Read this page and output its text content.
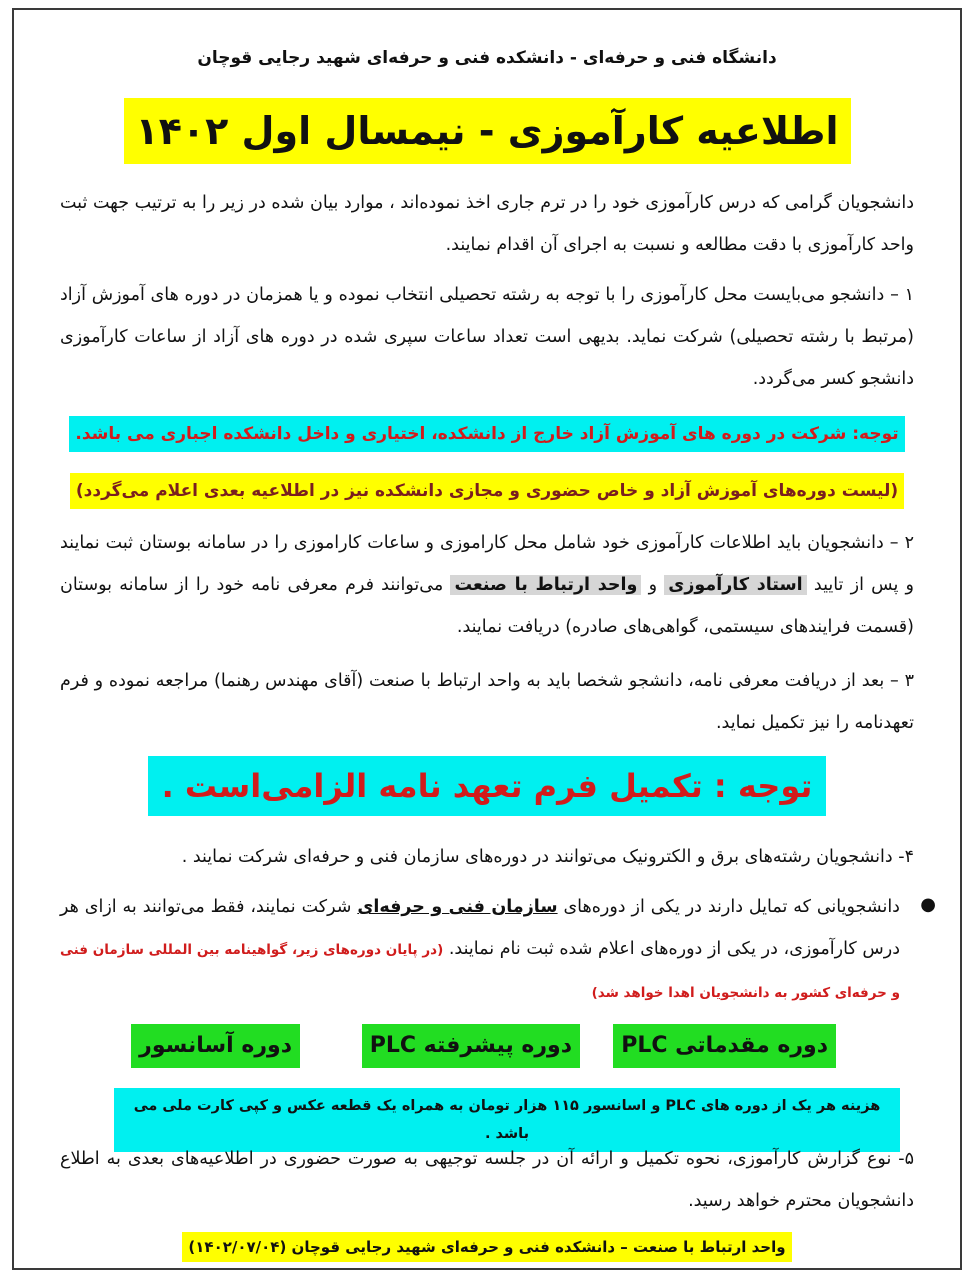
دانشگاه فنی و حرفه‌ای - دانشکده فنی و حرفه‌ای شهید رجایی قوچان
اطلاعیه کارآموزی - نیمسال اول ۱۴۰۲
دانشجویان گرامی که درس کارآموزی خود را در ترم جاری اخذ نموده‌اند ، موارد بیان شده در زیر را به ترتیب جهت ثبت واحد کارآموزی با دقت مطالعه و نسبت به اجرای آن اقدام نمایند.
۱ – دانشجو می‌بایست محل کارآموزی را با توجه به رشته تحصیلی انتخاب نموده و یا همزمان در دوره های آموزش آزاد (مرتبط با رشته تحصیلی) شرکت نماید. بدیهی است تعداد ساعات سپری شده در دوره های آزاد از ساعات کارآموزی دانشجو کسر می‌گردد.
توجه: شرکت در دوره های آموزش آزاد خارج از دانشکده، اختیاری و داخل دانشکده اجباری می باشد.
(لیست دوره‌های آموزش آزاد و خاص حضوری و مجازی دانشکده نیز در اطلاعیه بعدی اعلام می‌گردد)
۲ – دانشجویان باید اطلاعات کارآموزی خود شامل محل کاراموزی و ساعات کاراموزی را در سامانه بوستان ثبت نمایند و پس از تایید استاد کارآموزی و واحد ارتباط با صنعت می‌توانند فرم معرفی نامه خود را از سامانه بوستان (قسمت فرایندهای سیستمی، گواهی‌های صادره) دریافت نمایند.
۳ – بعد از دریافت معرفی نامه، دانشجو شخصا باید به واحد ارتباط با صنعت (آقای مهندس رهنما) مراجعه نموده و فرم تعهدنامه را نیز تکمیل نماید.
توجه : تکمیل فرم تعهد نامه الزامی‌است .
۴- دانشجویان رشته‌های برق و الکترونیک می‌توانند در دوره‌های سازمان فنی و حرفه‌ای شرکت نمایند .
●
دانشجویانی که تمایل دارند در یکی از دوره‌های سازمان فنی و حرفه‌ای شرکت نمایند، فقط می‌توانند به ازای هر درس کارآموزی، در یکی از دوره‌های اعلام شده ثبت نام نمایند. (در پایان دوره‌های زیر، گواهینامه بین المللی سازمان فنی و حرفه‌ای کشور به دانشجویان اهدا خواهد شد)
دوره مقدماتی PLC
دوره پیشرفته PLC
دوره آسانسور
هزینه هر یک از دوره های PLC و اسانسور ۱۱۵ هزار تومان به همراه یک قطعه عکس و کپی کارت ملی می باشد .
۵- نوع گزارش کارآموزی، نحوه تکمیل و ارائه آن در جلسه توجیهی به صورت حضوری در اطلاعیه‌های بعدی به اطلاع دانشجویان محترم خواهد رسید.
واحد ارتباط با صنعت – دانشکده فنی و حرفه‌ای شهید رجایی قوچان (۱۴۰۲/۰۷/۰۴)
